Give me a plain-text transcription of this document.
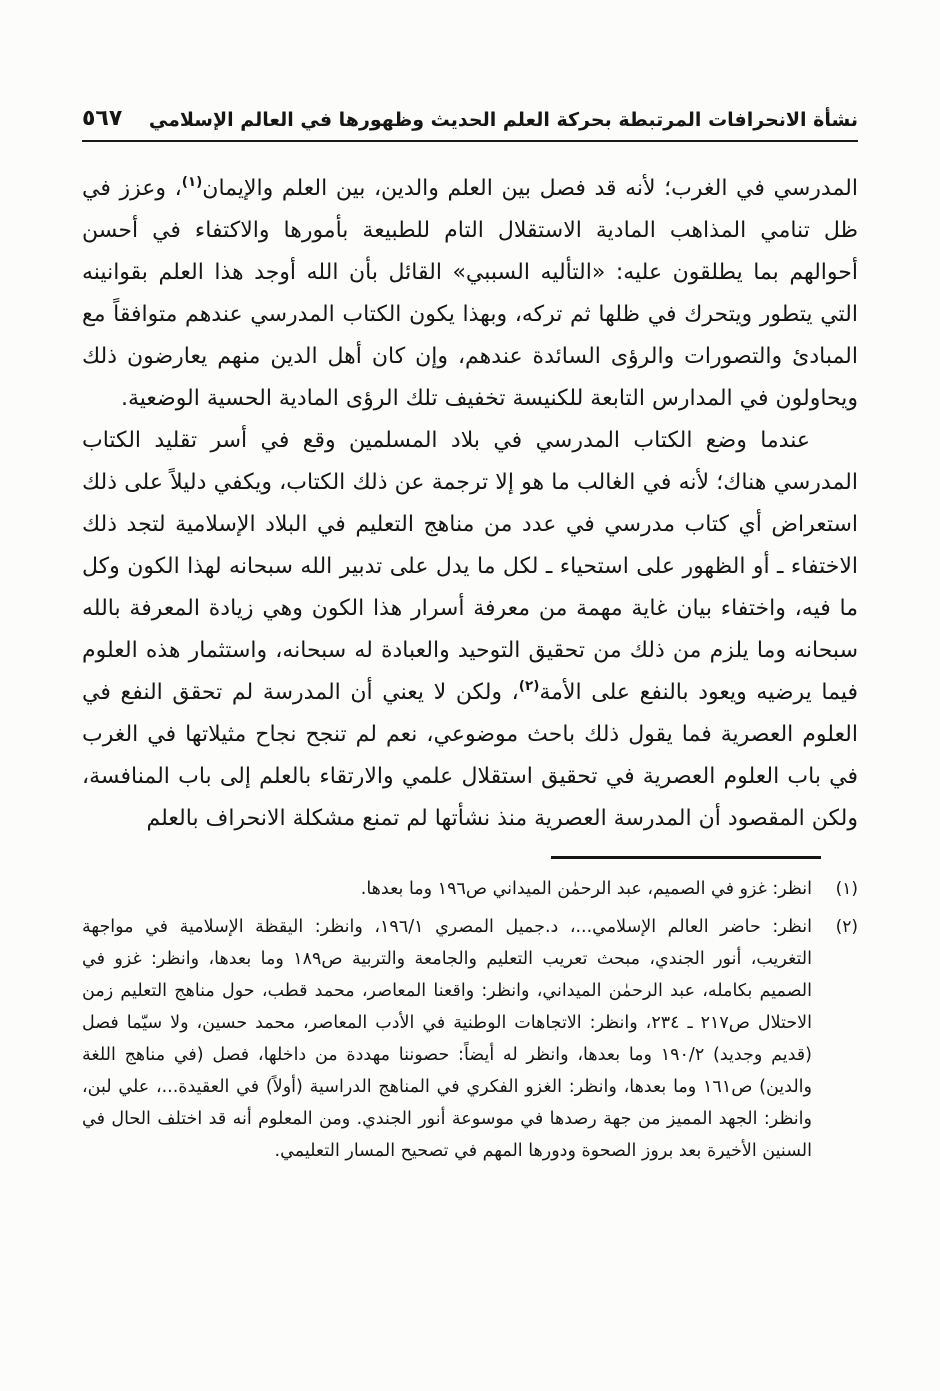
نشأة الانحرافات المرتبطة بحركة العلم الحديث وظهورها في العالم الإسلامي
٥٦٧

المدرسي في الغرب؛ لأنه قد فصل بين العلم والدين، بين العلم والإيمان$^{(١)}$، وعزز في ظل تنامي المذاهب المادية الاستقلال التام للطبيعة بأمورها والاكتفاء في أحسن أحوالهم بما يطلقون عليه: «التأليه السببي» القائل بأن الله أوجد هذا العلم بقوانينه التي يتطور ويتحرك في ظلها ثم تركه، وبهذا يكون الكتاب المدرسي عندهم متوافقاً مع المبادئ والتصورات والرؤى السائدة عندهم، وإن كان أهل الدين منهم يعارضون ذلك ويحاولون في المدارس التابعة للكنيسة تخفيف تلك الرؤى المادية الحسية الوضعية.

عندما وضع الكتاب المدرسي في بلاد المسلمين وقع في أسر تقليد الكتاب المدرسي هناك؛ لأنه في الغالب ما هو إلا ترجمة عن ذلك الكتاب، ويكفي دليلاً على ذلك استعراض أي كتاب مدرسي في عدد من مناهج التعليم في البلاد الإسلامية لتجد ذلك الاختفاء ـ أو الظهور على استحياء ـ لكل ما يدل على تدبير الله سبحانه لهذا الكون وكل ما فيه، واختفاء بيان غاية مهمة من معرفة أسرار هذا الكون وهي زيادة المعرفة بالله سبحانه وما يلزم من ذلك من تحقيق التوحيد والعبادة له سبحانه، واستثمار هذه العلوم فيما يرضيه ويعود بالنفع على الأمة$^{(٢)}$، ولكن لا يعني أن المدرسة لم تحقق النفع في العلوم العصرية فما يقول ذلك باحث موضوعي، نعم لم تنجح نجاح مثيلاتها في الغرب في باب العلوم العصرية في تحقيق استقلال علمي والارتقاء بالعلم إلى باب المنافسة، ولكن المقصود أن المدرسة العصرية منذ نشأتها لم تمنع مشكلة الانحراف بالعلم

(١)
انظر: غزو في الصميم، عبد الرحمٰن الميداني ص١٩٦ وما بعدها.
(٢)
انظر: حاضر العالم الإسلامي...، د.جميل المصري ١٩٦/١، وانظر: اليقظة الإسلامية في مواجهة التغريب، أنور الجندي، مبحث تعريب التعليم والجامعة والتربية ص١٨٩ وما بعدها، وانظر: غزو في الصميم بكامله، عبد الرحمٰن الميداني، وانظر: واقعنا المعاصر، محمد قطب، حول مناهج التعليم زمن الاحتلال ص٢١٧ ـ ٢٣٤، وانظر: الاتجاهات الوطنية في الأدب المعاصر، محمد حسين، ولا سيّما فصل (قديم وجديد) ١٩٠/٢ وما بعدها، وانظر له أيضاً: حصوننا مهددة من داخلها، فصل (في مناهج اللغة والدين) ص١٦١ وما بعدها، وانظر: الغزو الفكري في المناهج الدراسية (أولاً) في العقيدة...، علي لبن، وانظر: الجهد المميز من جهة رصدها في موسوعة أنور الجندي. ومن المعلوم أنه قد اختلف الحال في السنين الأخيرة بعد بروز الصحوة ودورها المهم في تصحيح المسار التعليمي.
